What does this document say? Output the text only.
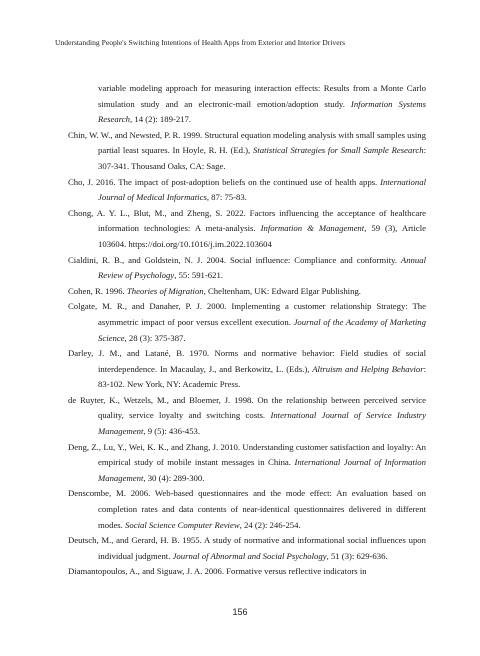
Understanding People's Switching Intentions of Health Apps from Exterior and Interior Drivers

variable modeling approach for measuring interaction effects: Results from a Monte Carlo simulation study and an electronic-mail emotion/adoption study. Information Systems Research, 14 (2): 189-217.

Chin, W. W., and Newsted, P. R. 1999. Structural equation modeling analysis with small samples using partial least squares. In Hoyle, R. H. (Ed.), Statistical Strategies for Small Sample Research: 307-341. Thousand Oaks, CA: Sage.

Cho, J. 2016. The impact of post-adoption beliefs on the continued use of health apps. International Journal of Medical Informatics, 87: 75-83.

Chong, A. Y. L., Blut, M., and Zheng, S. 2022. Factors influencing the acceptance of healthcare information technologies: A meta-analysis. Information & Management, 59 (3), Article 103604. https://doi.org/10.1016/j.im.2022.103604

Cialdini, R. B., and Goldstein, N. J. 2004. Social influence: Compliance and conformity. Annual Review of Psychology, 55: 591-621.

Cohen, R. 1996. Theories of Migration, Cheltenham, UK: Edward Elgar Publishing.

Colgate, M. R., and Danaher, P. J. 2000. Implementing a customer relationship Strategy: The asymmetric impact of poor versus excellent execution. Journal of the Academy of Marketing Science, 28 (3): 375-387.

Darley, J. M., and Latané, B. 1970. Norms and normative behavior: Field studies of social interdependence. In Macaulay, J., and Berkowitz, L. (Eds.), Altruism and Helping Behavior: 83-102. New York, NY: Academic Press.

de Ruyter, K., Wetzels, M., and Bloemer, J. 1998. On the relationship between perceived service quality, service loyalty and switching costs. International Journal of Service Industry Management, 9 (5): 436-453.

Deng, Z., Lu, Y., Wei, K. K., and Zhang, J. 2010. Understanding customer satisfaction and loyalty: An empirical study of mobile instant messages in China. International Journal of Information Management, 30 (4): 289-300.

Denscombe, M. 2006. Web-based questionnaires and the mode effect: An evaluation based on completion rates and data contents of near-identical questionnaires delivered in different modes. Social Science Computer Review, 24 (2): 246-254.

Deutsch, M., and Gerard, H. B. 1955. A study of normative and informational social influences upon individual judgment. Journal of Abnormal and Social Psychology, 51 (3): 629-636.

Diamantopoulos, A., and Siguaw, J. A. 2006. Formative versus reflective indicators in

156
